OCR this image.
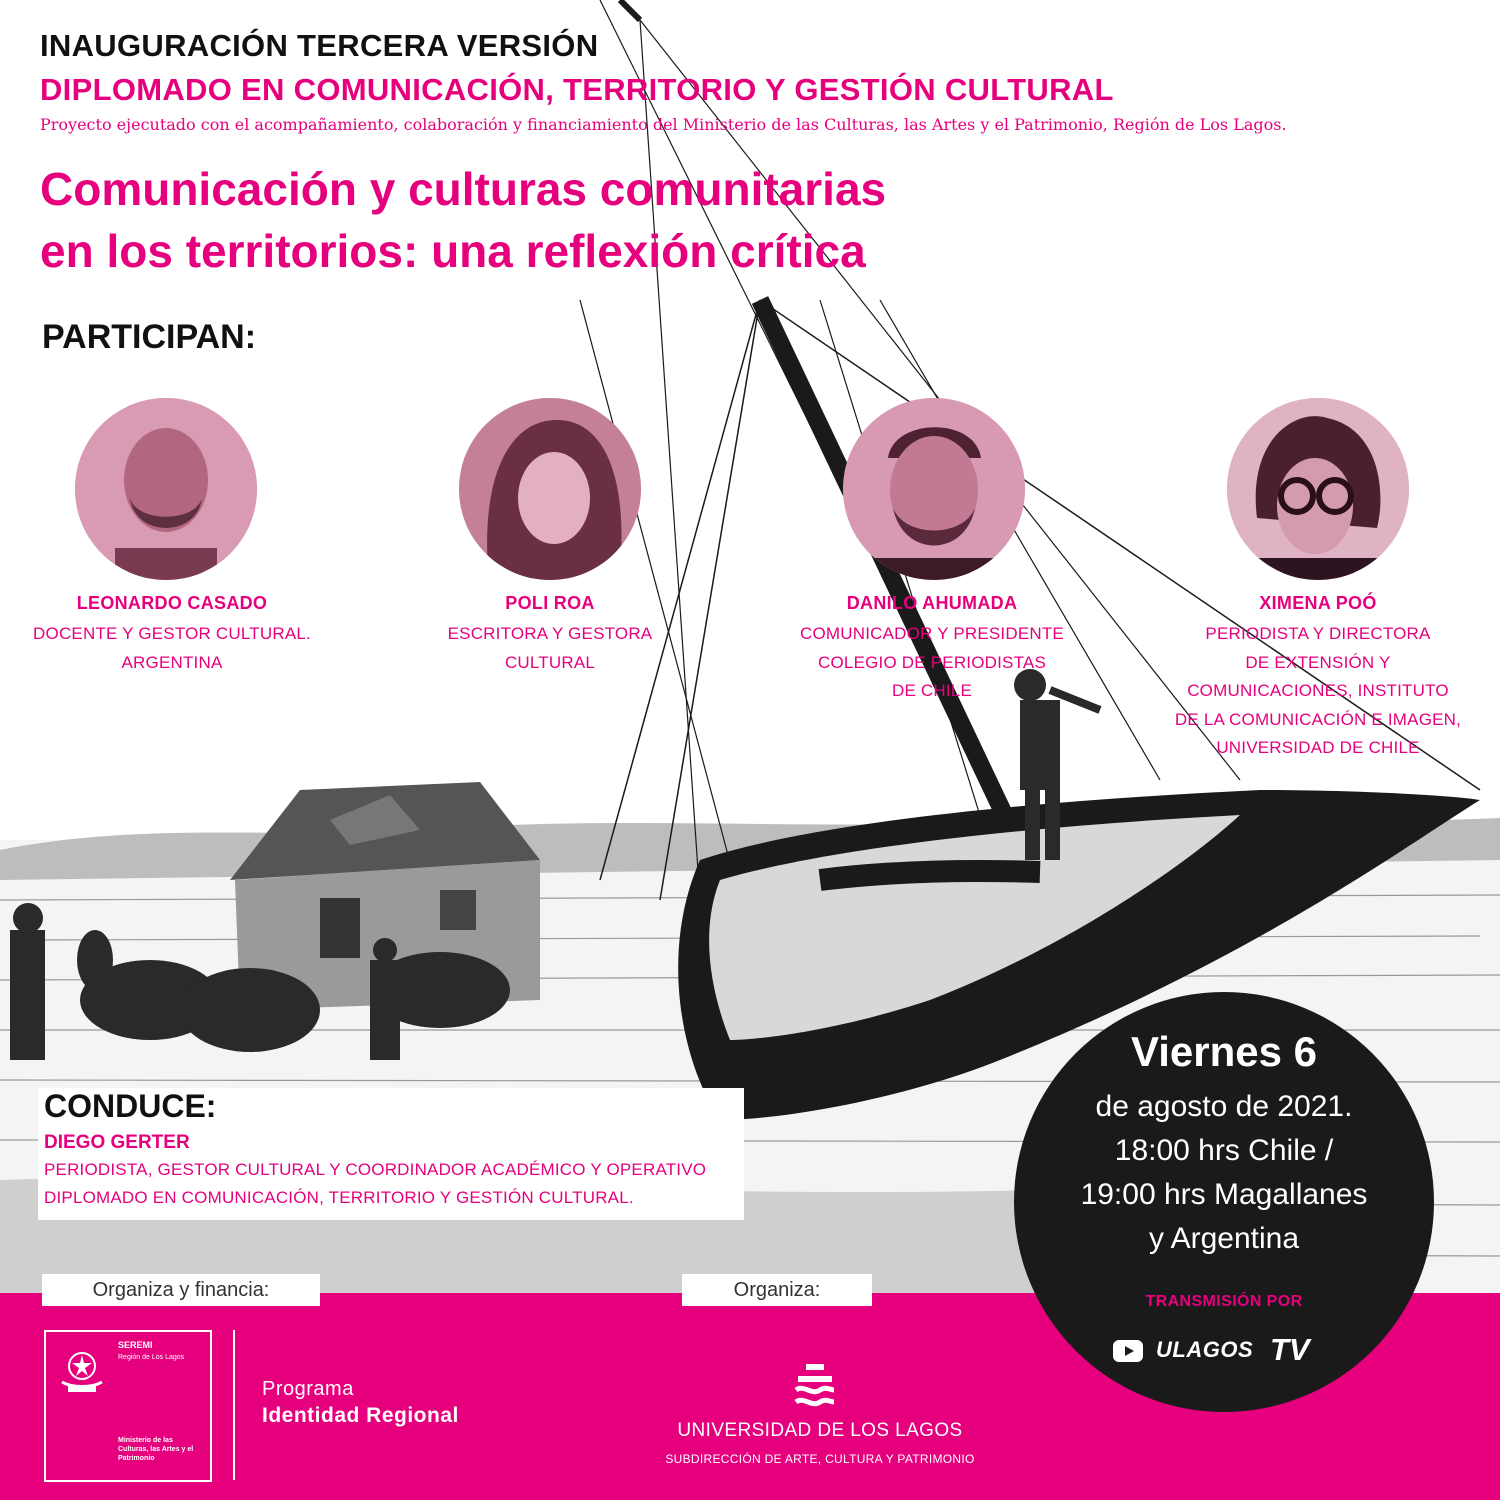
INAUGURACIÓN TERCERA VERSIÓN

DIPLOMADO EN COMUNICACIÓN, TERRITORIO Y GESTIÓN CULTURAL

Proyecto ejecutado con el acompañamiento, colaboración y financiamiento del Ministerio de las Culturas, las Artes y el Patrimonio, Región de Los Lagos.

Comunicación y culturas comunitarias
en los territorios: una reflexión crítica

PARTICIPAN:

LEONARDO CASADO

DOCENTE Y GESTOR CULTURAL.
ARGENTINA

POLI ROA

ESCRITORA Y GESTORA
CULTURAL

DANILO AHUMADA

COMUNICADOR Y PRESIDENTE
COLEGIO DE PERIODISTAS
DE CHILE

XIMENA POÓ

PERIODISTA Y DIRECTORA
DE EXTENSIÓN Y
COMUNICACIONES, INSTITUTO
DE LA COMUNICACIÓN E IMAGEN,
UNIVERSIDAD DE CHILE

CONDUCE:

DIEGO GERTER

PERIODISTA, GESTOR CULTURAL Y COORDINADOR ACADÉMICO Y OPERATIVO

DIPLOMADO EN COMUNICACIÓN, TERRITORIO Y GESTIÓN CULTURAL.

Organiza y financia:	Organiza:

SEREMI

Región de Los Lagos

Ministerio de las Culturas, las Artes y el Patrimonio

Programa

Identidad Regional

UNIVERSIDAD DE LOS LAGOS

SUBDIRECCIÓN DE ARTE, CULTURA Y PATRIMONIO

Viernes 6

de agosto de 2021.

18:00 hrs Chile /

19:00 hrs Magallanes

y Argentina

TRANSMISIÓN POR

ULAGOS TV
